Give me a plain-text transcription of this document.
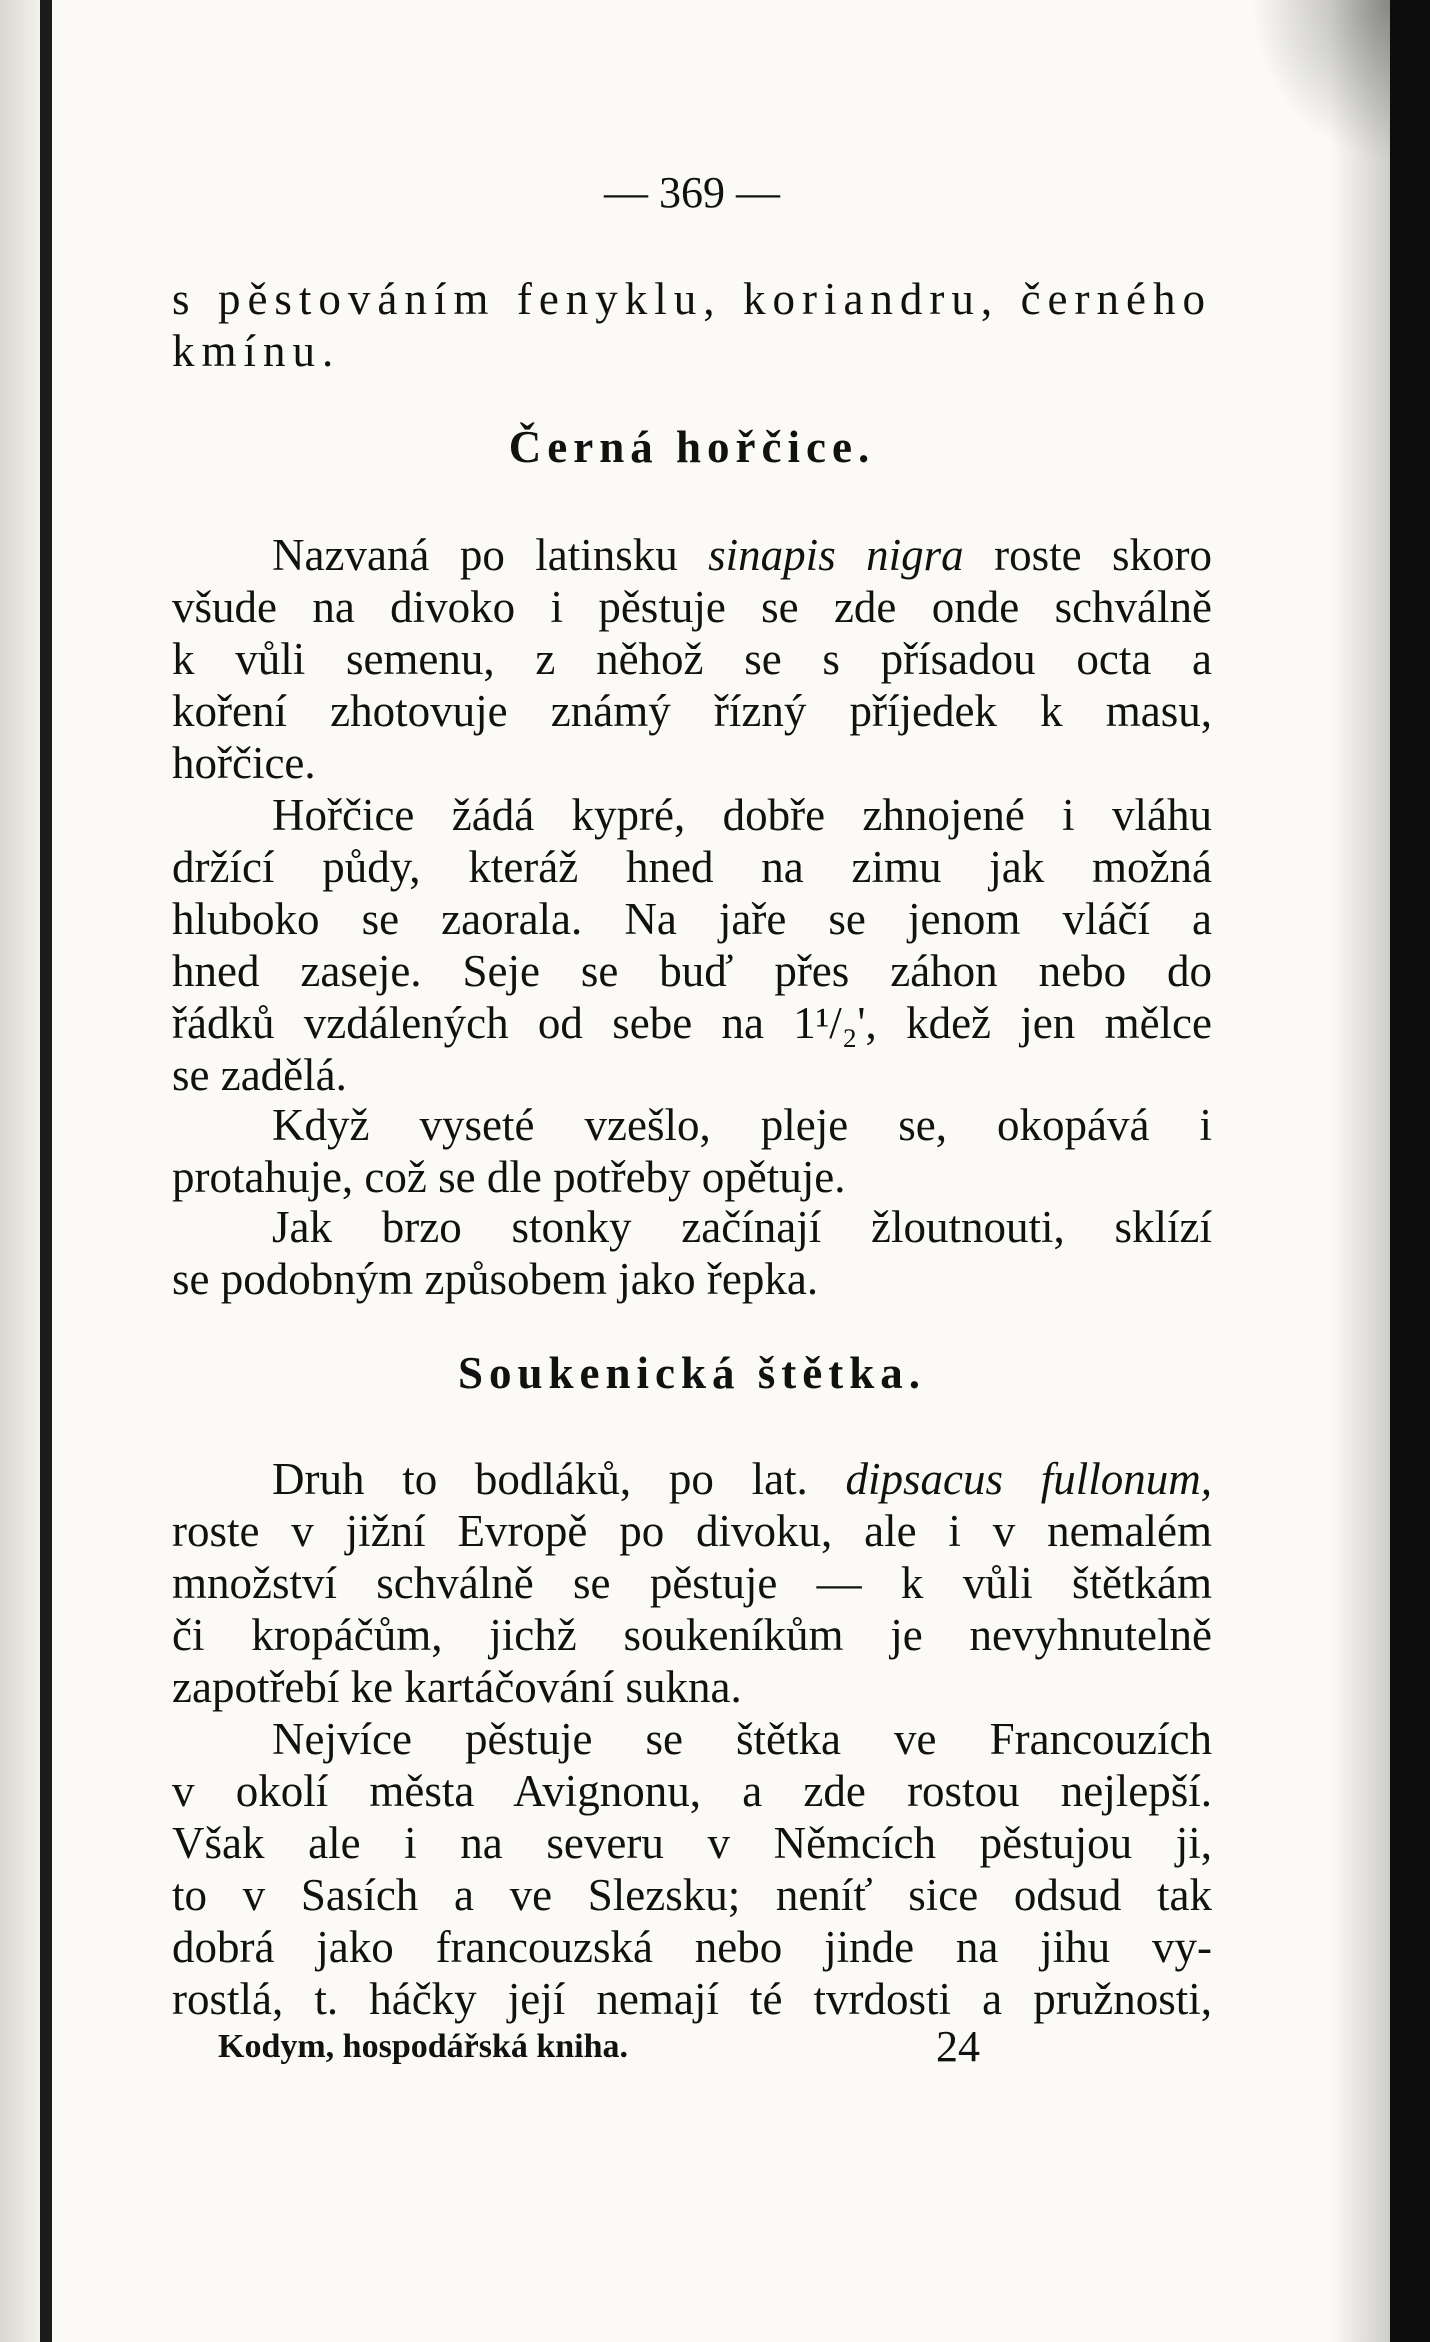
— 369 —
s pěstováním fenyklu, koriandru, černého
kmínu.
Černá hořčice.
Nazvaná po latinsku sinapis nigra roste skoro
všude na divoko i pěstuje se zde onde schválně
k vůli semenu, z něhož se s přísadou octa a
koření zhotovuje známý řízný příjedek k masu,
hořčice.
Hořčice žádá kypré, dobře zhnojené i vláhu
držící půdy, kteráž hned na zimu jak možná
hluboko se zaorala. Na jaře se jenom vláčí a
hned zaseje. Seje se buď přes záhon nebo do
řádků vzdálených od sebe na 1¹/₂', kdež jen mělce
se zadělá.
Když vyseté vzešlo, pleje se, okopává i
protahuje, což se dle potřeby opětuje.
Jak brzo stonky začínají žloutnouti, sklízí
se podobným způsobem jako řepka.
Soukenická štětka.
Druh to bodláků, po lat. dipsacus fullonum,
roste v jižní Evropě po divoku, ale i v nemalém
množství schválně se pěstuje — k vůli štětkám
či kropáčům, jichž soukeníkům je nevyhnutelně
zapotřebí ke kartáčování sukna.
Nejvíce pěstuje se štětka ve Francouzích
v okolí města Avignonu, a zde rostou nejlepší.
Však ale i na severu v Němcích pěstujou ji,
to v Sasích a ve Slezsku; neníť sice odsud tak
dobrá jako francouzská nebo jinde na jihu vy-
rostlá, t. háčky její nemají té tvrdosti a pružnosti,
Kodym, hospodářská kniha.	24
